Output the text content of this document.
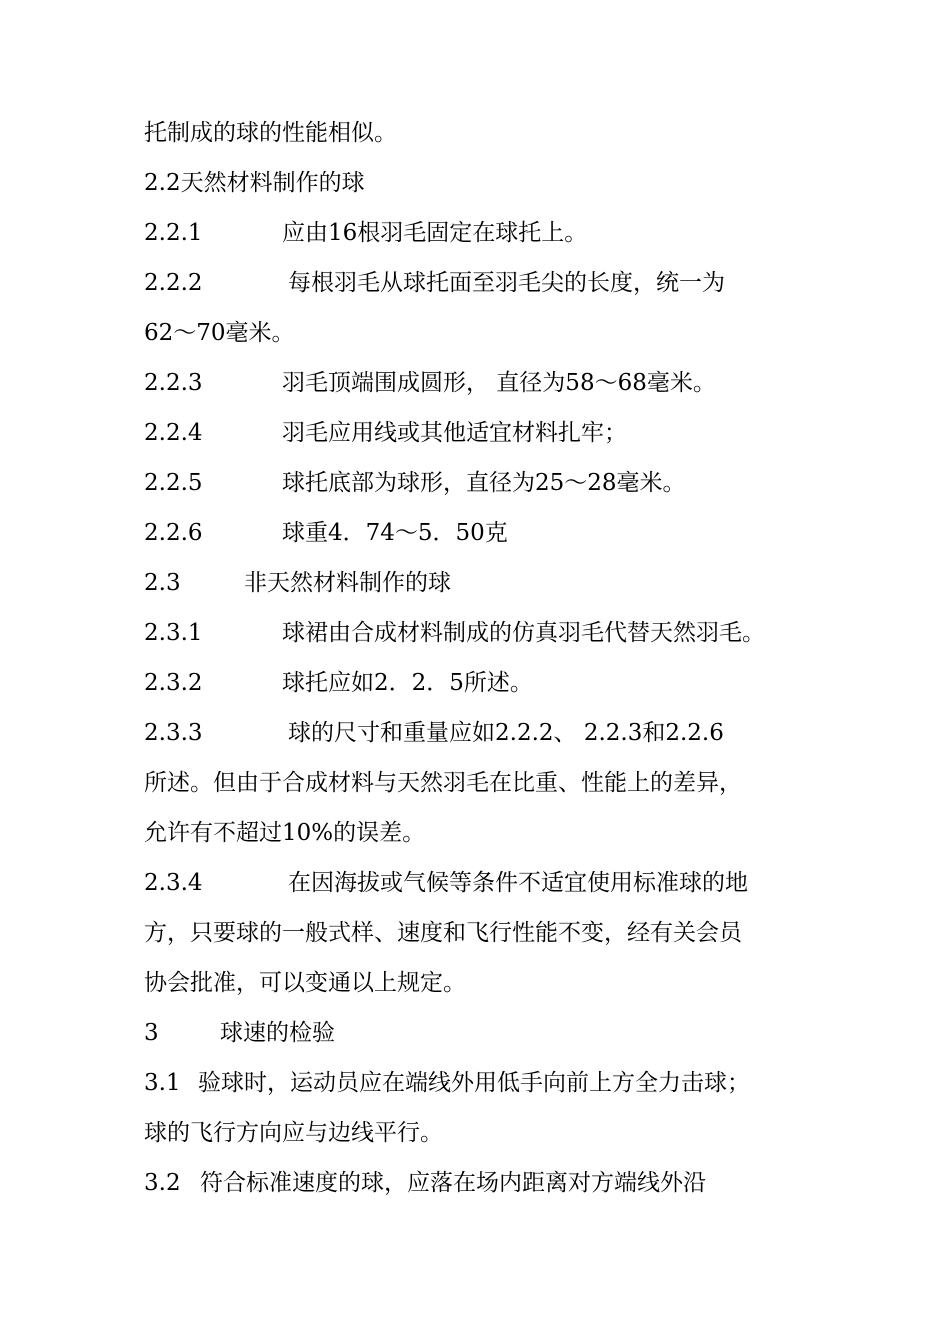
托制成的球的性能相似。
2.2天然材料制作的球
2.2.1	应由16根羽毛固定在球托上。
2.2.2	每根羽毛从球托面至羽毛尖的长度，统一为
62～70毫米。
2.2.3	羽毛顶端围成圆形， 直径为58～68毫米。
2.2.4	羽毛应用线或其他适宜材料扎牢；
2.2.5	球托底部为球形，直径为25～28毫米。
2.2.6	球重4．74～5．50克
2.3	非天然材料制作的球
2.3.1	球裙由合成材料制成的仿真羽毛代替天然羽毛。
2.3.2	球托应如2．2．5所述。
2.3.3	球的尺寸和重量应如2.2.2、 2.2.3和2.2.6
所述。但由于合成材料与天然羽毛在比重、性能上的差异，
允许有不超过10%的误差。
2.3.4	在因海拔或气候等条件不适宜使用标准球的地
方，只要球的一般式样、速度和飞行性能不变，经有关会员
协会批准，可以变通以上规定。
3	球速的检验
3.1 验球时，运动员应在端线外用低手向前上方全力击球；
球的飞行方向应与边线平行。
3.2 符合标准速度的球，应落在场内距离对方端线外沿
